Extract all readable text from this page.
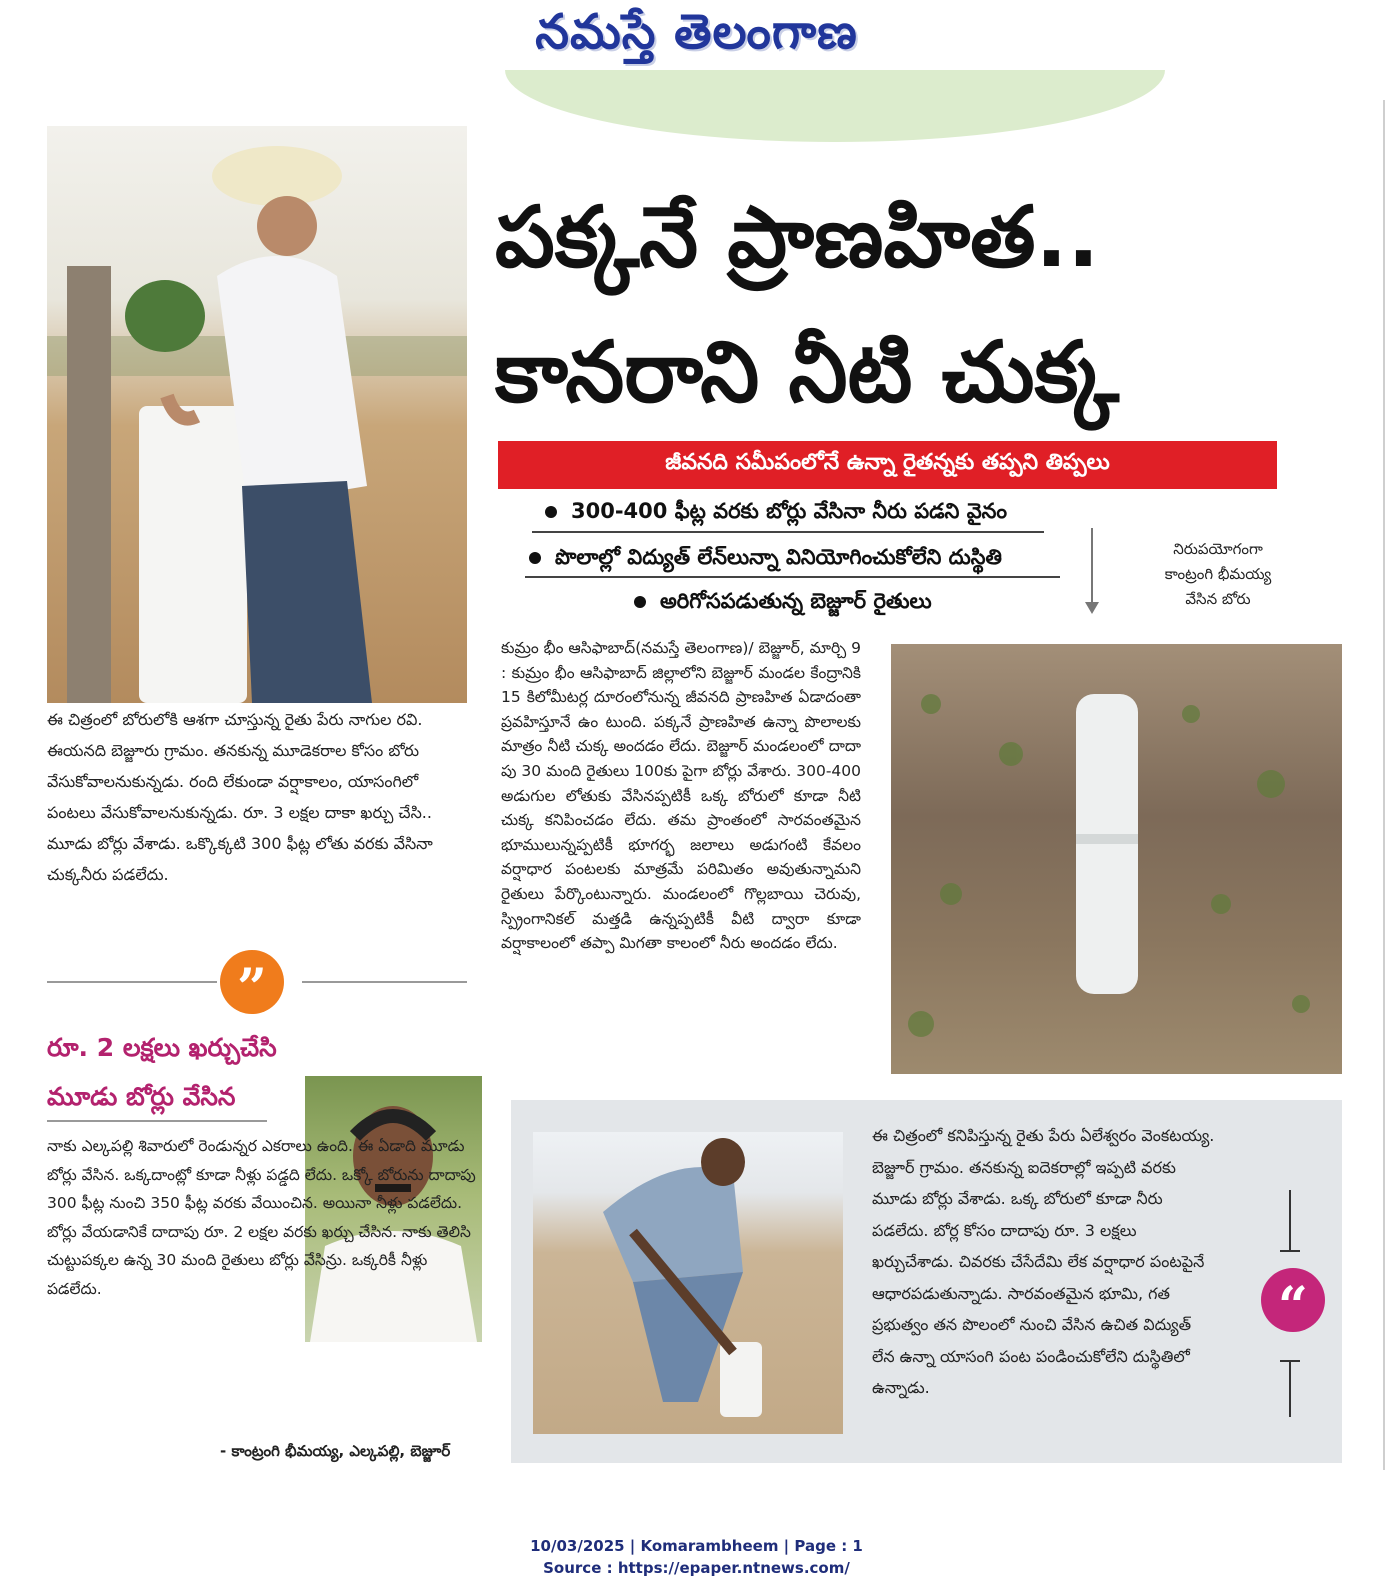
నమస్తే తెలంగాణ
ఈ చిత్రంలో బోరులోకి ఆశగా చూస్తున్న రైతు పేరు నాగుల రవి. ఈయనది బెజ్జూరు గ్రామం. తనకున్న మూడెకరాల కోసం బోరు వేసుకోవాలనుకున్నడు. రంది లేకుండా వర్షాకాలం, యాసంగిలో పంటలు వేసుకోవాలనుకున్నడు. రూ. 3 లక్షల దాకా ఖర్చు చేసి.. మూడు బోర్లు వేశాడు. ఒక్కొక్కటి 300 ఫీట్ల లోతు వరకు వేసినా చుక్కనీరు పడలేదు.
”
రూ. 2 లక్షలు ఖర్చుచేసి
మూడు బోర్లు వేసిన

నాకు ఎల్కపల్లి శివారులో రెండున్నర ఎకరాలు ఉంది. ఈ ఏడాది మూడు బోర్లు వేసిన. ఒక్కదాంట్లో కూడా నీళ్లు పడ్డది లేదు. ఒక్కో బోరును దాదాపు 300 ఫీట్ల నుంచి 350 ఫీట్ల వరకు వేయించిన. అయినా నీళ్లు పడలేదు. బోర్లు వేయడానికే దాదాపు రూ. 2 లక్షల వరకు ఖర్చు చేసిన. నాకు తెలిసి చుట్టుపక్కల ఉన్న 30 మంది రైతులు బోర్లు వేసిన్రు. ఒక్కరికీ నీళ్లు పడలేదు.

- కాంట్రంగి భీమయ్య, ఎల్కపల్లి, బెజ్జూర్
పక్కనే ప్రాణహిత..
కానరాని నీటి చుక్క
జీవనది సమీపంలోనే ఉన్నా రైతన్నకు తప్పని తిప్పలు
300-400 ఫీట్ల వరకు బోర్లు వేసినా నీరు పడని వైనం
పొలాల్లో విద్యుత్ లేన్‌లున్నా వినియోగించుకోలేని దుస్థితి
అరిగోసపడుతున్న బెజ్జూర్ రైతులు
నిరుపయోగంగా
కాంట్రంగి భీమయ్య
వేసిన బోరు

కుమ్రం భీం ఆసిఫాబాద్(నమస్తే తెలంగాణ)/ బెజ్జూర్, మార్చి 9 : కుమ్రం భీం ఆసిఫాబాద్ జిల్లాలోని బెజ్జూర్ మండల కేంద్రానికి 15 కిలోమీటర్ల దూరంలోనున్న జీవనది ప్రాణహిత ఏడాదంతా ప్రవహిస్తూనే ఉం టుంది. పక్కనే ప్రాణహిత ఉన్నా పొలాలకు మాత్రం నీటి చుక్క అందడం లేదు. బెజ్జూర్ మండలంలో దాదా పు 30 మంది రైతులు 100కు పైగా బోర్లు వేశారు. 300-400 అడుగుల లోతుకు వేసినప్పటికీ ఒక్క బోరులో కూడా నీటి చుక్క కనిపించడం లేదు. తమ ప్రాంతంలో సారవంతమైన భూములున్నప్పటికీ భూగర్భ జలాలు అడుగంటి కేవలం వర్షాధార పంటలకు మాత్రమే పరిమితం అవుతున్నామని రైతులు పేర్కొంటున్నారు. మండలంలో గొల్లబాయి చెరువు, స్ప్రింగానికల్ మత్తడి ఉన్నప్పటికీ వీటి ద్వారా కూడా వర్షాకాలంలో తప్పా మిగతా కాలంలో నీరు అందడం లేదు.

ఈ చిత్రంలో కనిపిస్తున్న రైతు పేరు ఏలేశ్వరం వెంకటయ్య. బెజ్జూర్ గ్రామం. తనకున్న ఐదెకరాల్లో ఇప్పటి వరకు మూడు బోర్లు వేశాడు. ఒక్క బోరులో కూడా నీరు పడలేదు. బోర్ల కోసం దాదాపు రూ. 3 లక్షలు ఖర్చుచేశాడు. చివరకు చేసేదేమి లేక వర్షాధార పంటపైనే ఆధారపడుతున్నాడు. సారవంతమైన భూమి, గత ప్రభుత్వం తన పొలంలో నుంచి వేసిన ఉచిత విద్యుత్ లేన ఉన్నా యాసంగి పంట పండించుకోలేని దుస్థితిలో ఉన్నాడు.
“
10/03/2025 | Komarambheem | Page : 1
Source : https://epaper.ntnews.com/
